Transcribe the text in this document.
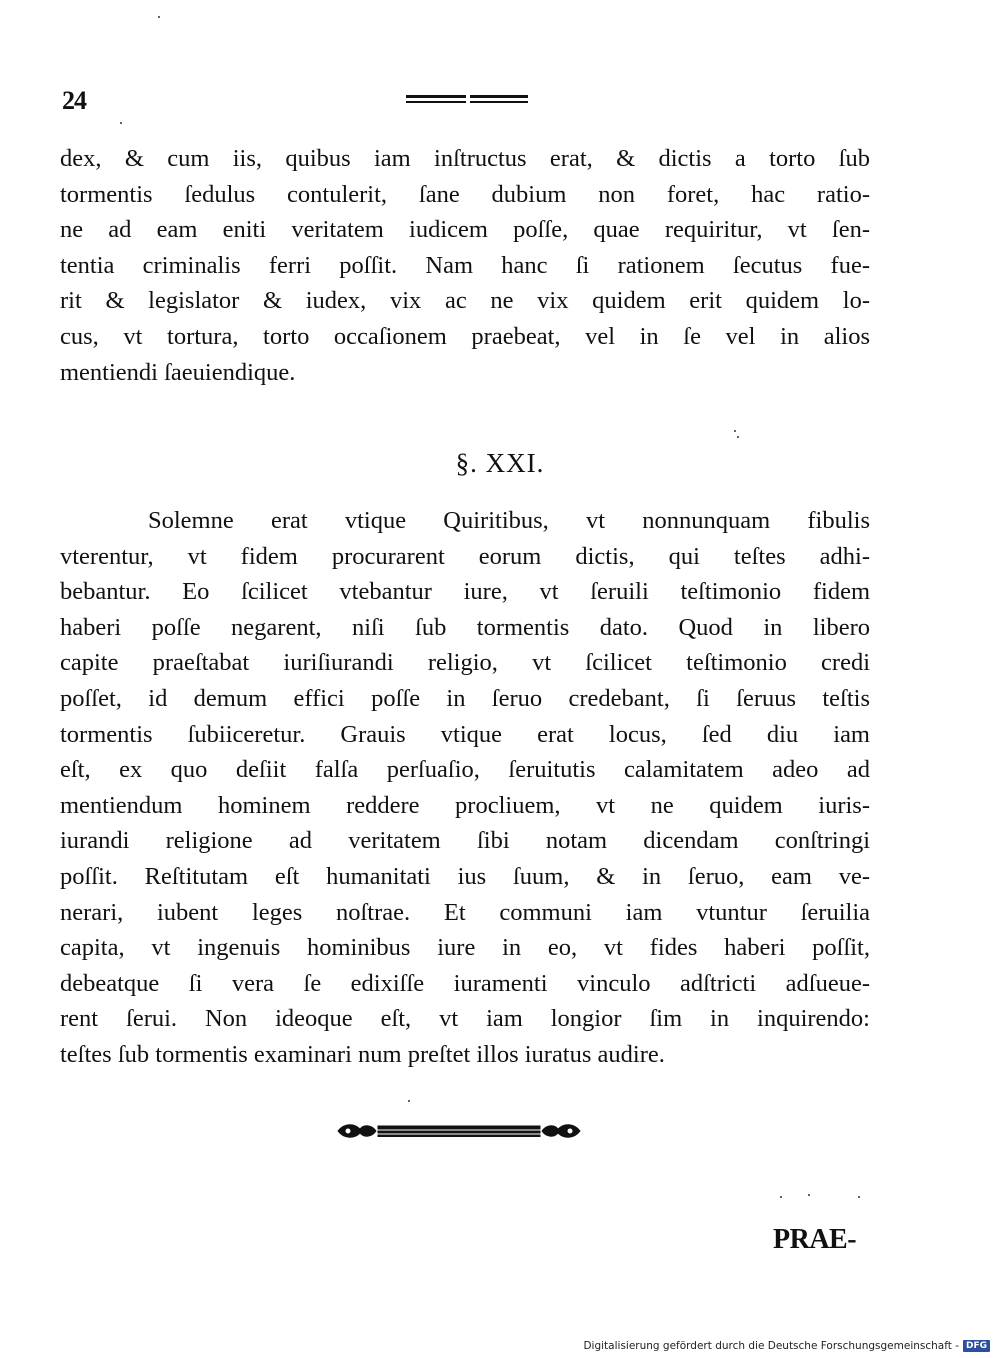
24
dex, & cum iis, quibus iam inſtructus erat, & dictis a torto ſub
tormentis ſedulus contulerit, ſane dubium non foret, hac ratio-
ne ad eam eniti veritatem iudicem poſſe, quae requiritur, vt ſen-
tentia criminalis ferri poſſit. Nam hanc ſi rationem ſecutus fue-
rit & legislator & iudex, vix ac ne vix quidem erit quidem lo-
cus, vt tortura, torto occaſionem praebeat, vel in ſe vel in alios
mentiendi ſaeuiendique.
§. XXI.
Solemne erat vtique Quiritibus, vt nonnunquam fibulis
vterentur, vt fidem procurarent eorum dictis, qui teſtes adhi-
bebantur. Eo ſcilicet vtebantur iure, vt ſeruili teſtimonio fidem
haberi poſſe negarent, niſi ſub tormentis dato. Quod in libero
capite praeſtabat iuriſiurandi religio, vt ſcilicet teſtimonio credi
poſſet, id demum effici poſſe in ſeruo credebant, ſi ſeruus teſtis
tormentis ſubiiceretur. Grauis vtique erat locus, ſed diu iam
eſt, ex quo deſiit falſa perſuaſio, ſeruitutis calamitatem adeo ad
mentiendum hominem reddere procliuem, vt ne quidem iuris-
iurandi religione ad veritatem ſibi notam dicendam conſtringi
poſſit. Reſtitutam eſt humanitati ius ſuum, & in ſeruo, eam ve-
nerari, iubent leges noſtrae. Et communi iam vtuntur ſeruilia
capita, vt ingenuis hominibus iure in eo, vt fides haberi poſſit,
debeatque ſi vera ſe edixiſſe iuramenti vinculo adſtricti adſueue-
rent ſerui. Non ideoque eſt, vt iam longior ſim in inquirendo:
teſtes ſub tormentis examinari num preſtet illos iuratus audire.
PRAE-
Digitalisierung gefördert durch die Deutsche Forschungsgemeinschaft - DFG
